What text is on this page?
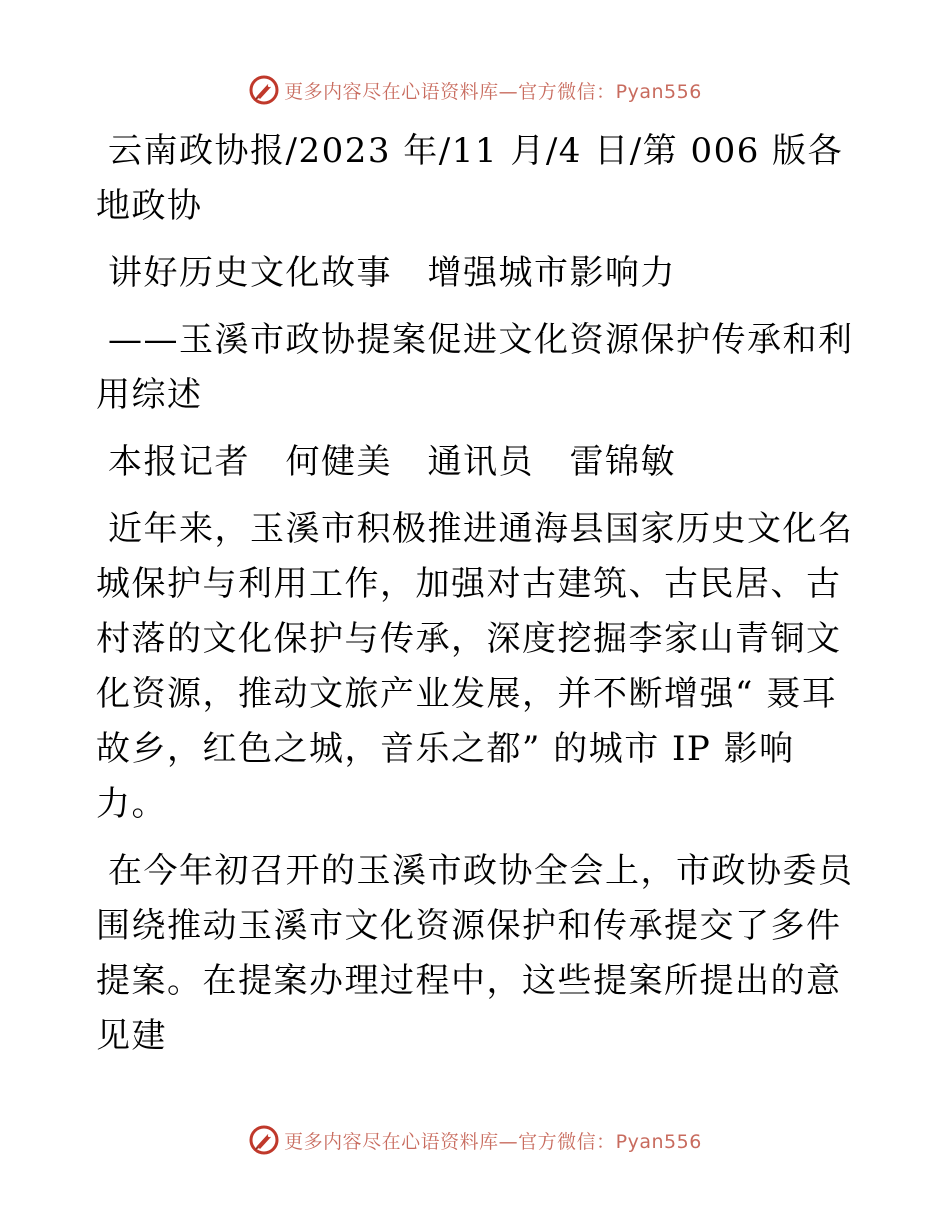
更多内容尽在心语资料库—官方微信：Pyan556

云南政协报/2023 年/11 月/4 日/第 006 版各地政协

讲好历史文化故事　增强城市影响力

——玉溪市政协提案促进文化资源保护传承和利用综述

本报记者　何健美　通讯员　雷锦敏

近年来，玉溪市积极推进通海县国家历史文化名城保护与利用工作，加强对古建筑、古民居、古村落的文化保护与传承，深度挖掘李家山青铜文化资源，推动文旅产业发展，并不断增强“ 聂耳故乡，红色之城，音乐之都” 的城市 IP 影响力。

在今年初召开的玉溪市政协全会上，市政协委员围绕推动玉溪市文化资源保护和传承提交了多件提案。在提案办理过程中，这些提案所提出的意见建

更多内容尽在心语资料库—官方微信：Pyan556
